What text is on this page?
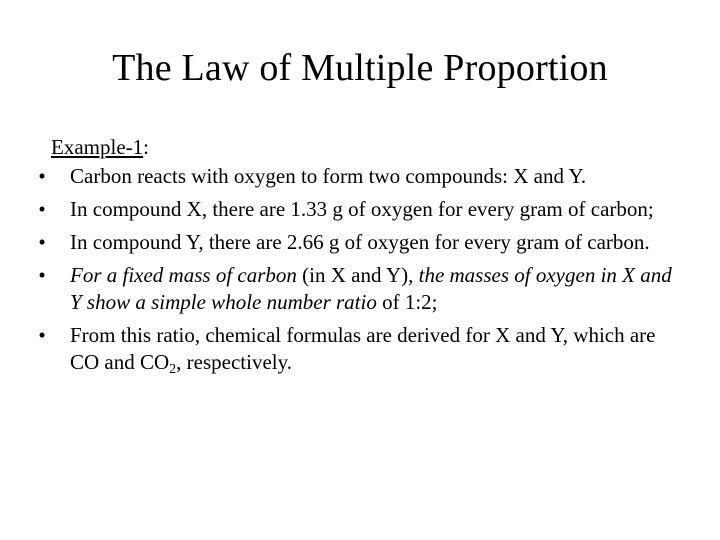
The Law of Multiple Proportion

Example-1:

• Carbon reacts with oxygen to form two compounds: X and Y.
• In compound X, there are 1.33 g of oxygen for every gram of carbon;
• In compound Y, there are 2.66 g of oxygen for every gram of carbon.
• For a fixed mass of carbon (in X and Y), the masses of oxygen in X and Y show a simple whole number ratio of 1:2;
• From this ratio, chemical formulas are derived for X and Y, which are CO and $CO_2$, respectively.
